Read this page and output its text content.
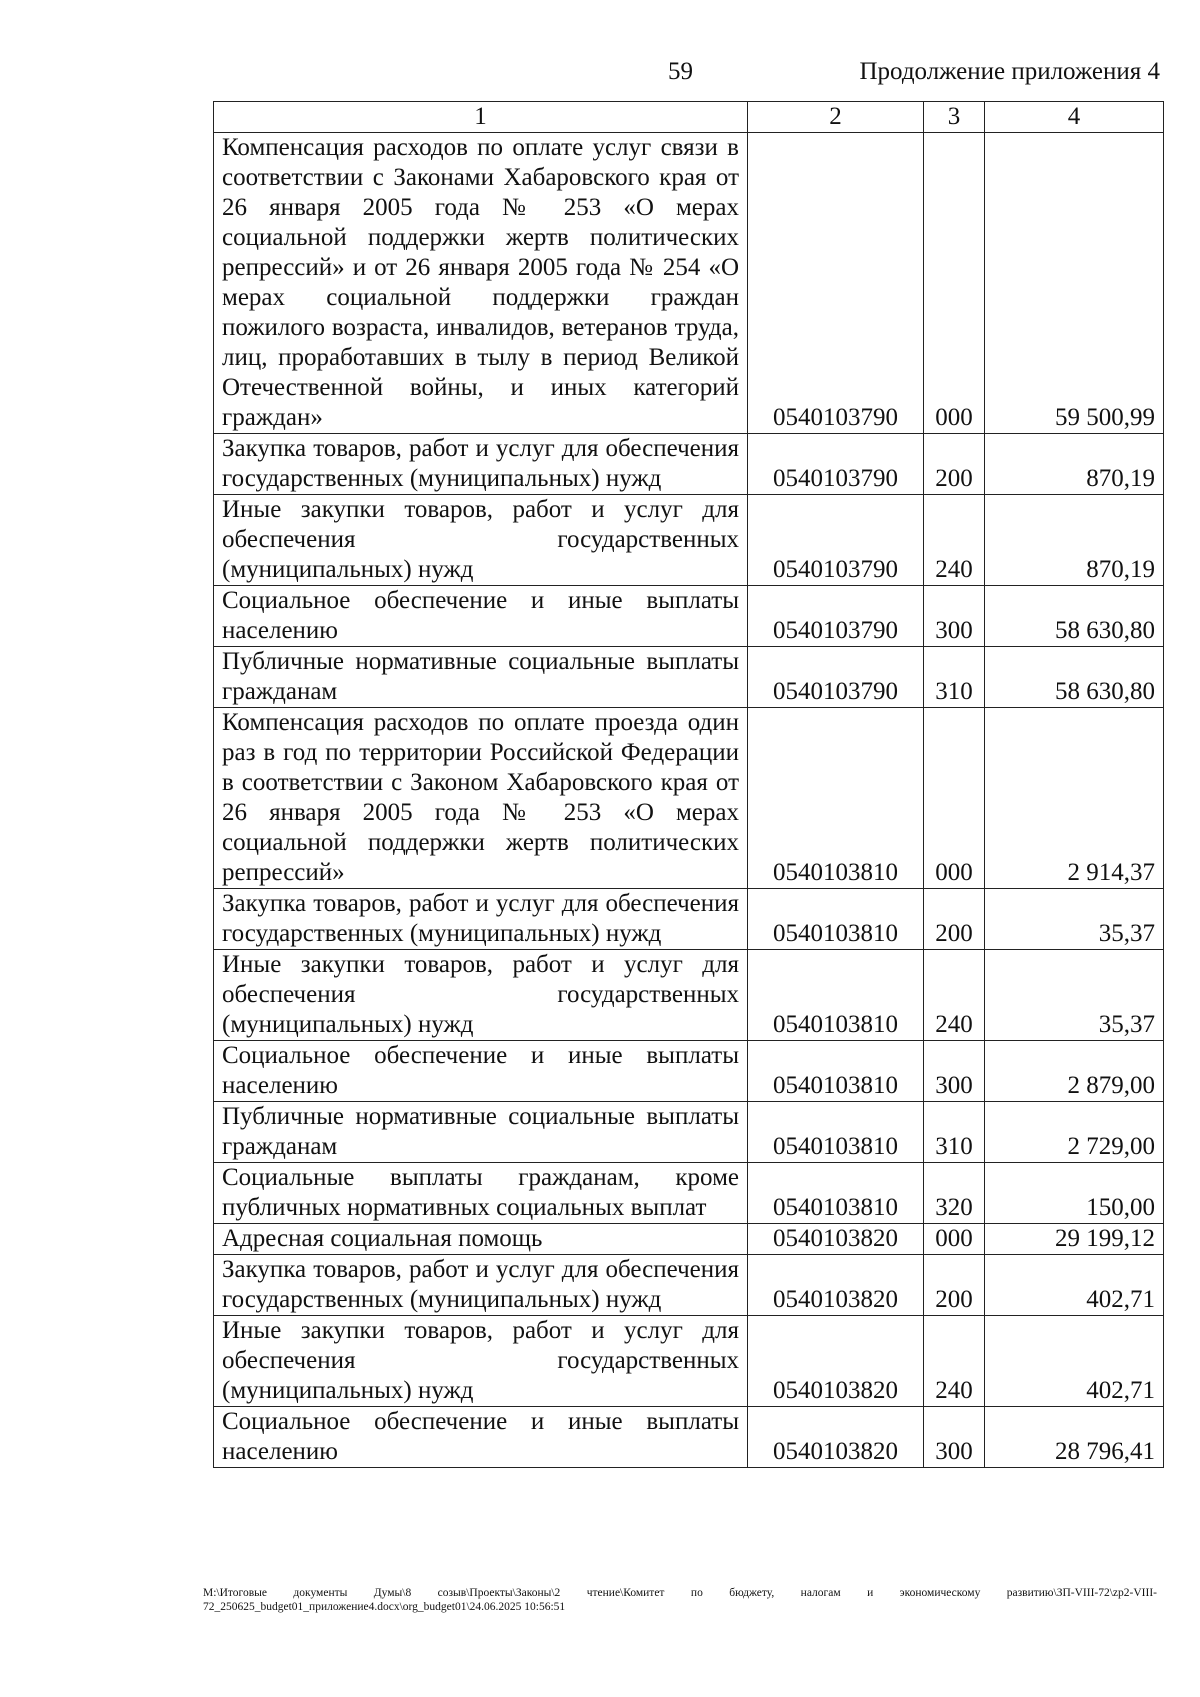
59	Продолжение приложения 4
1	2	3	4
Компенсация расходов по оплате услуг связи в соответствии с Законами Хабаровского края от 26 января 2005 года № 253 «О мерах социальной поддержки жертв политических репрессий» и от 26 января 2005 года № 254 «О мерах социальной поддержки граждан пожилого возраста, инвалидов, ветеранов труда, лиц, проработавших в тылу в период Великой Отечественной войны, и иных категорий граждан»	0540103790	000	59 500,99
Закупка товаров, работ и услуг для обеспечения государственных (муниципальных) нужд	0540103790	200	870,19
Иные закупки товаров, работ и услуг для обеспечения государственных (муниципальных) нужд	0540103790	240	870,19
Социальное обеспечение и иные выплаты населению	0540103790	300	58 630,80
Публичные нормативные социальные выплаты гражданам	0540103790	310	58 630,80
Компенсация расходов по оплате проезда один раз в год по территории Российской Федерации в соответствии с Законом Хабаровского края от 26 января 2005 года № 253 «О мерах социальной поддержки жертв политических репрессий»	0540103810	000	2 914,37
Закупка товаров, работ и услуг для обеспечения государственных (муниципальных) нужд	0540103810	200	35,37
Иные закупки товаров, работ и услуг для обеспечения государственных (муниципальных) нужд	0540103810	240	35,37
Социальное обеспечение и иные выплаты населению	0540103810	300	2 879,00
Публичные нормативные социальные выплаты гражданам	0540103810	310	2 729,00
Социальные выплаты гражданам, кроме публичных нормативных социальных выплат	0540103810	320	150,00
Адресная социальная помощь	0540103820	000	29 199,12
Закупка товаров, работ и услуг для обеспечения государственных (муниципальных) нужд	0540103820	200	402,71
Иные закупки товаров, работ и услуг для обеспечения государственных (муниципальных) нужд	0540103820	240	402,71
Социальное обеспечение и иные выплаты населению	0540103820	300	28 796,41
М:\Итоговые документы Думы\8 созыв\Проекты\Законы\2 чтение\Комитет по бюджету, налогам и экономическому развитию\ЗП-VIII-72\zp2-VIII-72_250625_budget01_приложение4.docx\org_budget01\24.06.2025 10:56:51
